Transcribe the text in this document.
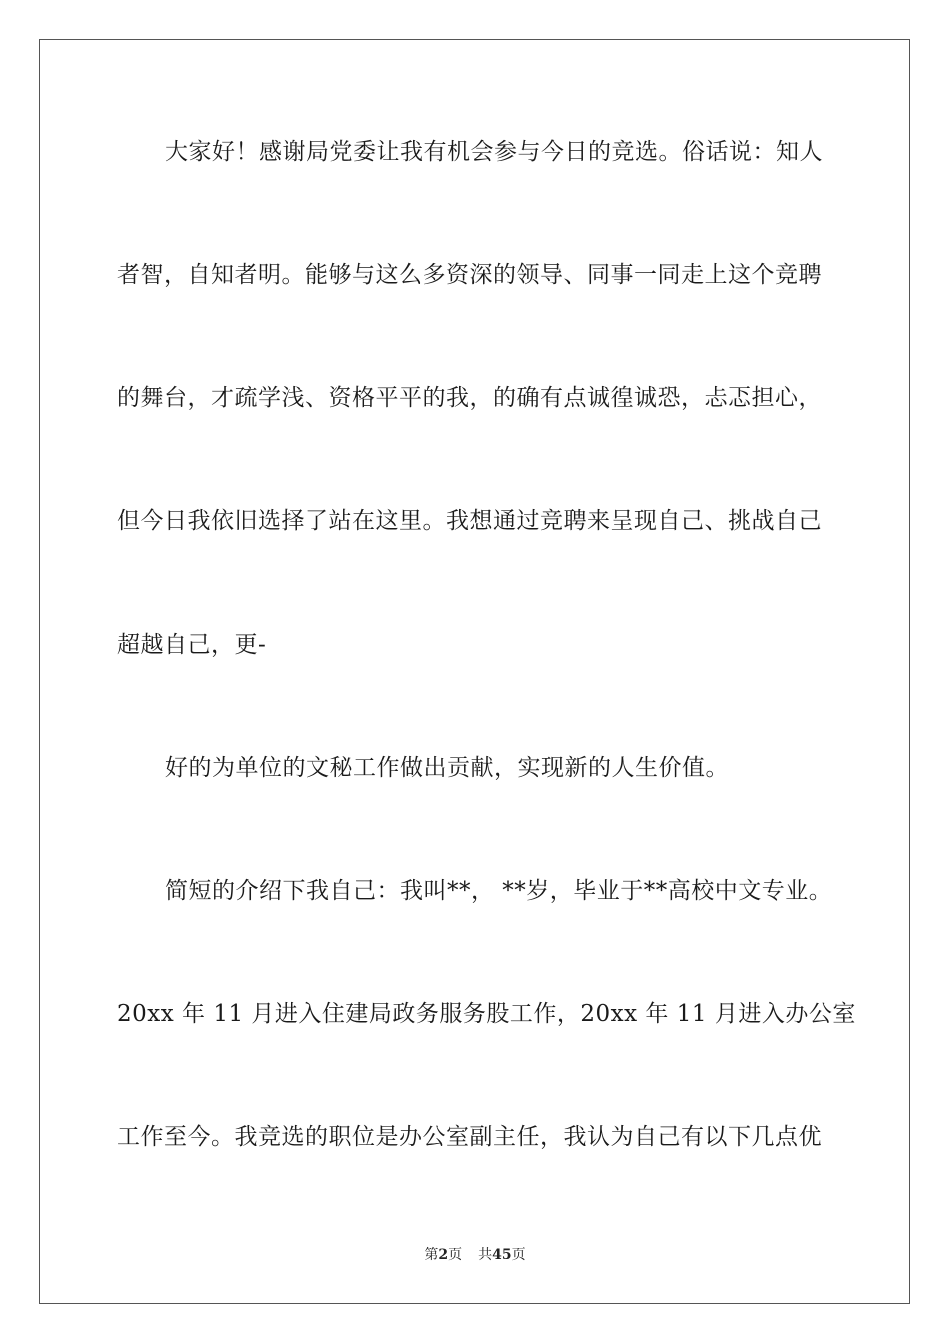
大家好！感谢局党委让我有机会参与今日的竞选。俗话说：知人
者智，自知者明。能够与这么多资深的领导、同事一同走上这个竞聘
的舞台，才疏学浅、资格平平的我，的确有点诚徨诚恐，忐忑担心，
但今日我依旧选择了站在这里。我想通过竞聘来呈现自己、挑战自己
超越自己，更-
好的为单位的文秘工作做出贡献，实现新的人生价值。
简短的介绍下我自己：我叫**， **岁，毕业于**高校中文专业。
20xx 年 11 月进入住建局政务服务股工作，20xx 年 11 月进入办公室
工作至今。我竞选的职位是办公室副主任，我认为自己有以下几点优
第2页 共45页
